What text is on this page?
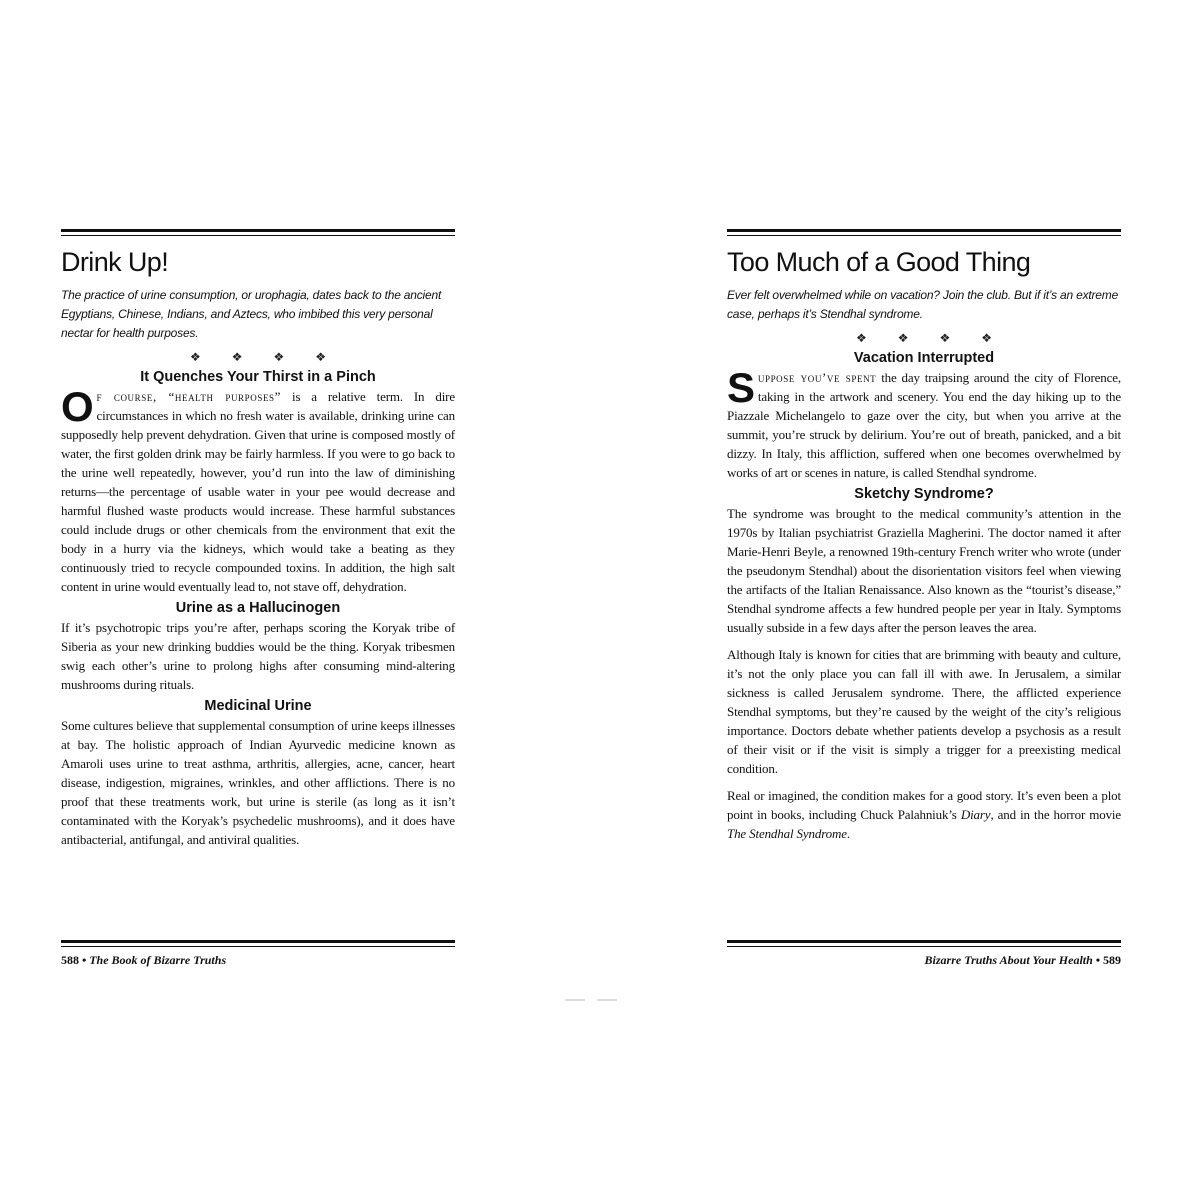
Drink Up!

The practice of urine consumption, or urophagia, dates back to the ancient Egyptians, Chinese, Indians, and Aztecs, who imbibed this very personal nectar for health purposes.

❖ ❖ ❖ ❖
It Quenches Your Thirst in a Pinch

Of course, “health purposes” is a relative term. In dire circumstances in which no fresh water is available, drinking urine can supposedly help prevent dehydration. Given that urine is composed mostly of water, the first golden drink may be fairly harmless. If you were to go back to the urine well repeatedly, however, you’d run into the law of diminishing returns—the percentage of usable water in your pee would decrease and harmful flushed waste products would increase. These harmful substances could include drugs or other chemicals from the environment that exit the body in a hurry via the kidneys, which would take a beating as they continuously tried to recycle compounded toxins. In addition, the high salt content in urine would eventually lead to, not stave off, dehydration.

Urine as a Hallucinogen

If it’s psychotropic trips you’re after, perhaps scoring the Koryak tribe of Siberia as your new drinking buddies would be the thing. Koryak tribesmen swig each other’s urine to prolong highs after consuming mind-altering mushrooms during rituals.

Medicinal Urine

Some cultures believe that supplemental consumption of urine keeps illnesses at bay. The holistic approach of Indian Ayurvedic medicine known as Amaroli uses urine to treat asthma, arthritis, allergies, acne, cancer, heart disease, indigestion, migraines, wrinkles, and other afflictions. There is no proof that these treatments work, but urine is sterile (as long as it isn’t contaminated with the Koryak’s psychedelic mushrooms), and it does have antibacterial, antifungal, and antiviral qualities.

Too Much of a Good Thing

Ever felt overwhelmed while on vacation? Join the club. But if it’s an extreme case, perhaps it’s Stendhal syndrome.

❖ ❖ ❖ ❖
Vacation Interrupted

Suppose you’ve spent the day traipsing around the city of Florence, taking in the artwork and scenery. You end the day hiking up to the Piazzale Michelangelo to gaze over the city, but when you arrive at the summit, you’re struck by delirium. You’re out of breath, panicked, and a bit dizzy. In Italy, this affliction, suffered when one becomes overwhelmed by works of art or scenes in nature, is called Stendhal syndrome.

Sketchy Syndrome?

The syndrome was brought to the medical community’s attention in the 1970s by Italian psychiatrist Graziella Magherini. The doctor named it after Marie-Henri Beyle, a renowned 19th-century French writer who wrote (under the pseudonym Stendhal) about the disorientation visitors feel when viewing the artifacts of the Italian Renaissance. Also known as the “tourist’s disease,” Stendhal syndrome affects a few hundred people per year in Italy. Symptoms usually subside in a few days after the person leaves the area.

Although Italy is known for cities that are brimming with beauty and culture, it’s not the only place you can fall ill with awe. In Jerusalem, a similar sickness is called Jerusalem syndrome. There, the afflicted experience Stendhal symptoms, but they’re caused by the weight of the city’s religious importance. Doctors debate whether patients develop a psychosis as a result of their visit or if the visit is simply a trigger for a preexisting medical condition.

Real or imagined, the condition makes for a good story. It’s even been a plot point in books, including Chuck Palahniuk’s Diary, and in the horror movie The Stendhal Syndrome.

588 • The Book of Bizarre Truths	Bizarre Truths About Your Health • 589
